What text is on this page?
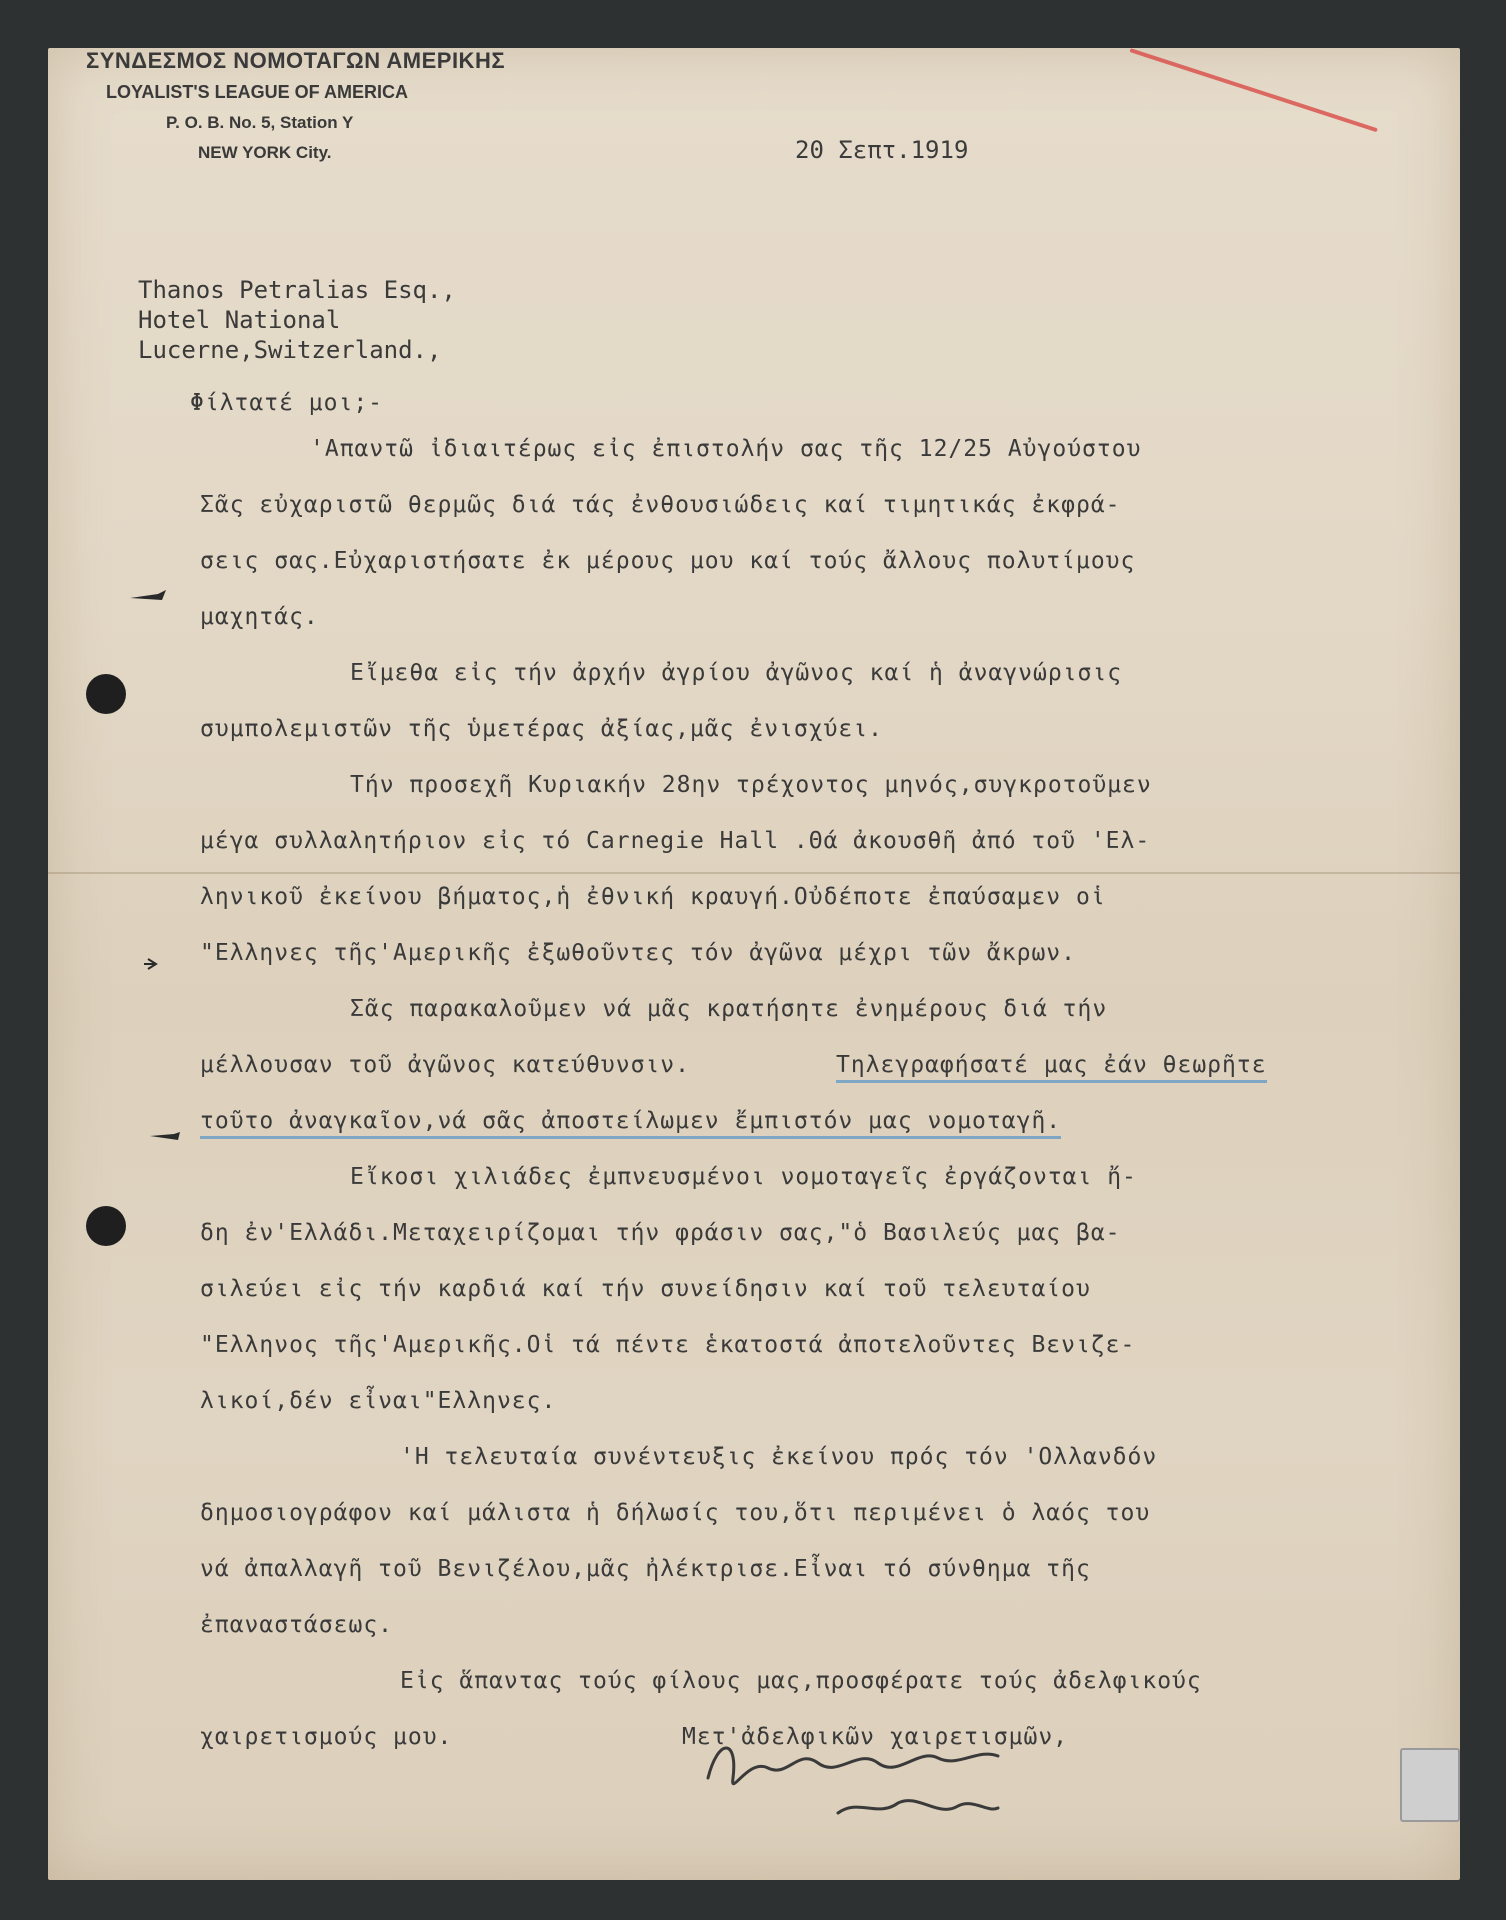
ΣΥΝΔΕΣΜΟΣ ΝΟΜΟΤΑΓΩΝ ΑΜΕΡΙΚΗΣ
LOYALIST'S LEAGUE OF AMERICA
P. O. B. No. 5, Station Y
NEW YORK City.	20 Σεπτ.1919
Thanos Petralias Esq.,
Hotel National
Lucerne,Switzerland.,
Φίλτατέ μοι;-
'Απαντῶ ἰδιαιτέρως εἰς ἐπιστολήν σας τῆς 12/25 Αὐγούστου
Σᾶς εὐχαριστῶ θερμῶς διά τάς ἐνθουσιώδεις καί τιμητικάς ἐκφρά-
σεις σας.Εὐχαριστήσατε ἐκ μέρους μου καί τούς ἄλλους πολυτίμους
μαχητάς.
Εἴμεθα εἰς τήν ἀρχήν ἀγρίου ἀγῶνος καί ἡ ἀναγνώρισις
συμπολεμιστῶν τῆς ὑμετέρας ἀξίας,μᾶς ἐνισχύει.
Τήν προσεχῆ Κυριακήν 28ην τρέχοντος μηνός,συγκροτοῦμεν
μέγα συλλαλητήριον εἰς τό Carnegie Hall .Θά ἀκουσθῆ ἀπό τοῦ 'Ελ-
ληνικοῦ ἐκείνου βήματος,ἡ ἐθνική κραυγή.Οὐδέποτε ἐπαύσαμεν οἱ
"Ελληνες τῆς'Αμερικῆς ἐξωθοῦντες τόν ἀγῶνα μέχρι τῶν ἄκρων.
Σᾶς παρακαλοῦμεν νά μᾶς κρατήσητε ἐνημέρους διά τήν
μέλλουσαν τοῦ ἀγῶνος κατεύθυνσιν.	Τηλεγραφήσατέ μας ἐάν θεωρῆτε
τοῦτο ἀναγκαῖον,νά σᾶς ἀποστείλωμεν ἔμπιστόν μας νομοταγῆ.
Εἴκοσι χιλιάδες ἐμπνευσμένοι νομοταγεῖς ἐργάζονται ἤ-
δη ἐν'Ελλάδι.Μεταχειρίζομαι τήν φράσιν σας,"ὁ Βασιλεύς μας βα-
σιλεύει εἰς τήν καρδιά καί τήν συνείδησιν καί τοῦ τελευταίου
"Ελληνος τῆς'Αμερικῆς.Οἱ τά πέντε ἑκατοστά ἀποτελοῦντες Βενιζε-
λικοί,δέν εἶναι"Ελληνες.
'Η τελευταία συνέντευξις ἐκείνου πρός τόν 'Ολλανδόν
δημοσιογράφον καί μάλιστα ἡ δήλωσίς του,ὅτι περιμένει ὁ λαός του
νά ἀπαλλαγῆ τοῦ Βενιζέλου,μᾶς ἠλέκτρισε.Εἶναι τό σύνθημα τῆς
ἐπαναστάσεως.
Εἰς ἅπαντας τούς φίλους μας,προσφέρατε τούς ἀδελφικούς
χαιρετισμούς μου.	Μετ'ἀδελφικῶν χαιρετισμῶν,
